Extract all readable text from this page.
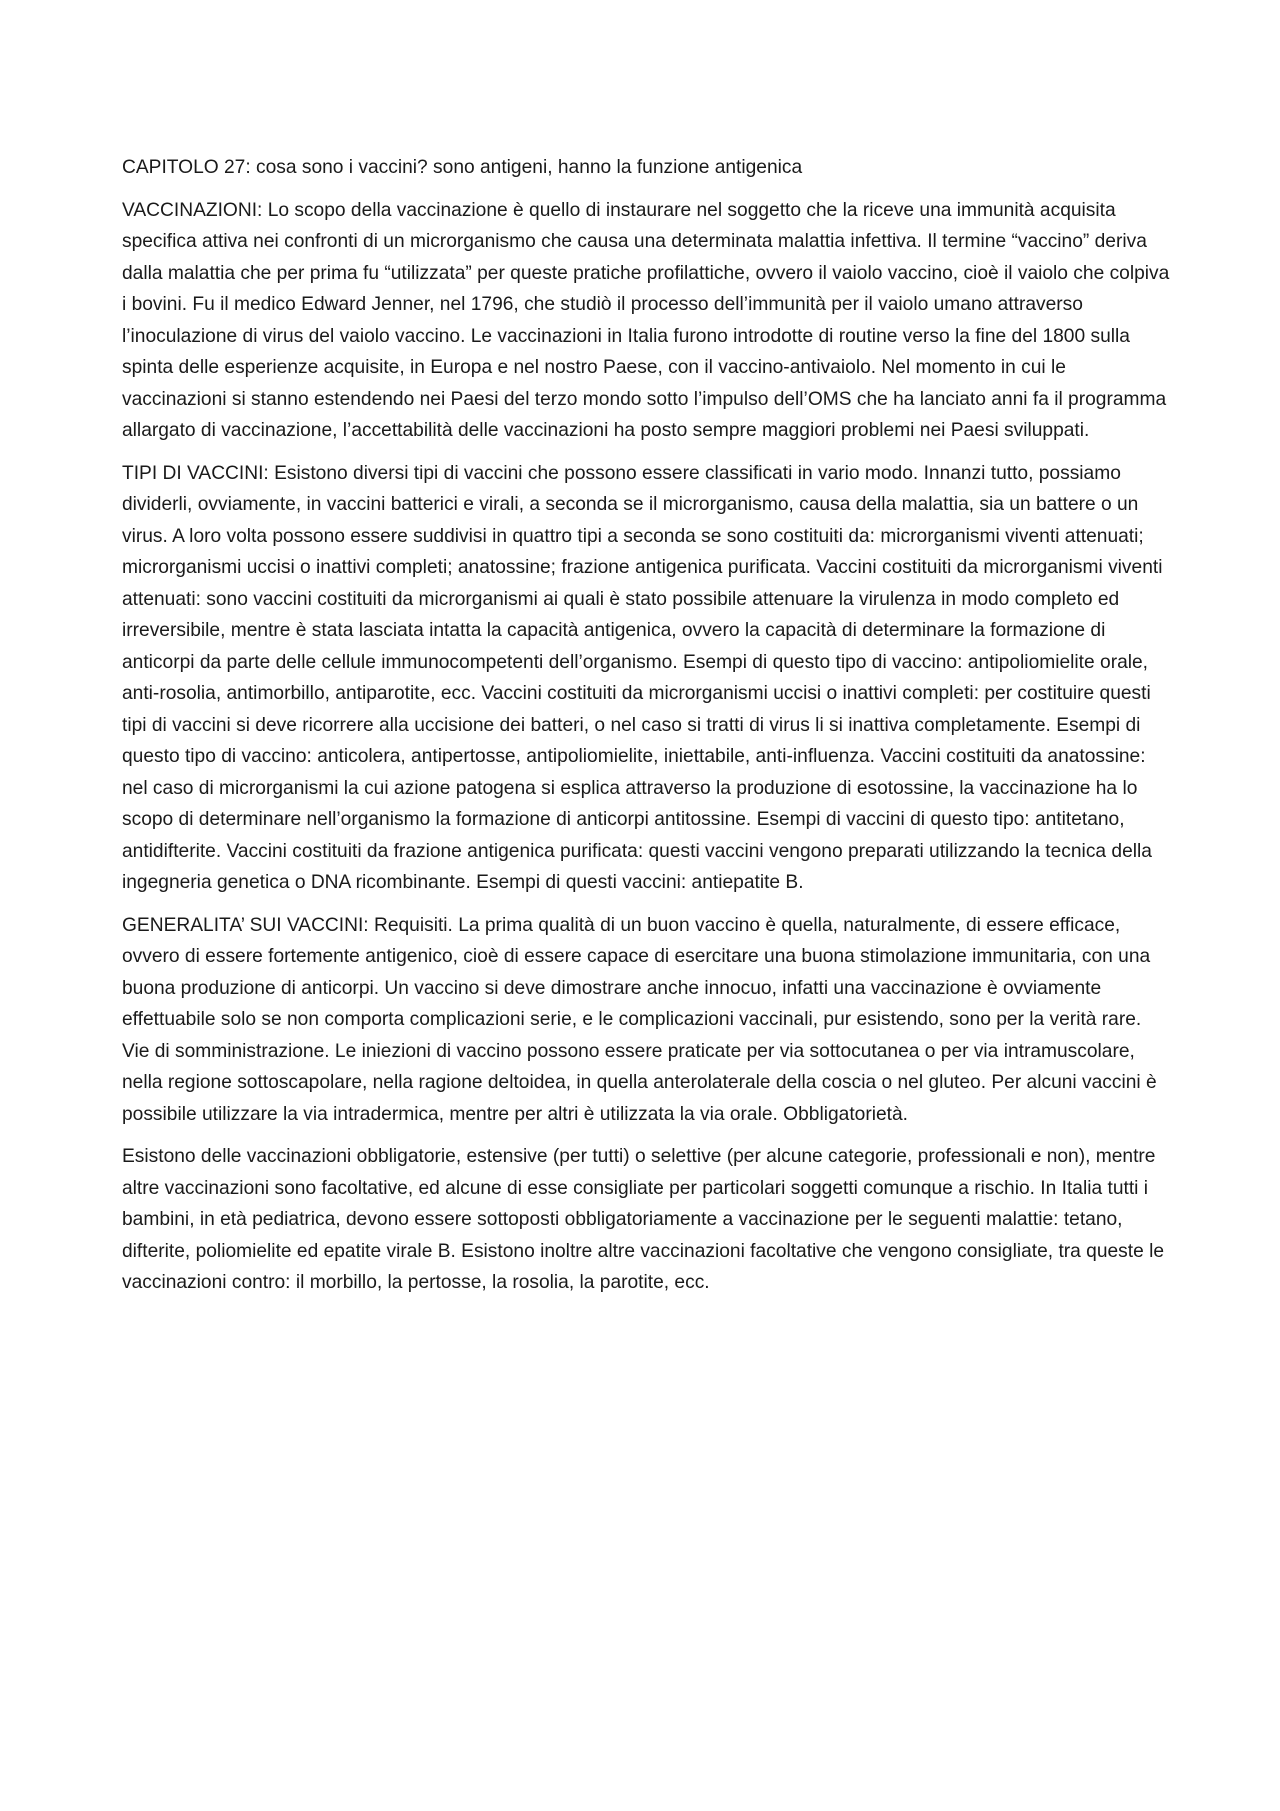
CAPITOLO 27: cosa sono i vaccini? sono antigeni, hanno la funzione antigenica

VACCINAZIONI: Lo scopo della vaccinazione è quello di instaurare nel soggetto che la riceve una immunità acquisita specifica attiva nei confronti di un microrganismo che causa una determinata malattia infettiva. Il termine “vaccino” deriva dalla malattia che per prima fu “utilizzata” per queste pratiche profilattiche, ovvero il vaiolo vaccino, cioè il vaiolo che colpiva i bovini. Fu il medico Edward Jenner, nel 1796, che studiò il processo dell’immunità per il vaiolo umano attraverso l’inoculazione di virus del vaiolo vaccino. Le vaccinazioni in Italia furono introdotte di routine verso la fine del 1800 sulla spinta delle esperienze acquisite, in Europa e nel nostro Paese, con il vaccino-antivaiolo. Nel momento in cui le vaccinazioni si stanno estendendo nei Paesi del terzo mondo sotto l’impulso dell’OMS che ha lanciato anni fa il programma allargato di vaccinazione, l’accettabilità delle vaccinazioni ha posto sempre maggiori problemi nei Paesi sviluppati.

TIPI DI VACCINI: Esistono diversi tipi di vaccini che possono essere classificati in vario modo. Innanzi tutto, possiamo dividerli, ovviamente, in vaccini batterici e virali, a seconda se il microrganismo, causa della malattia, sia un battere o un virus. A loro volta possono essere suddivisi in quattro tipi a seconda se sono costituiti da: microrganismi viventi attenuati; microrganismi uccisi o inattivi completi; anatossine; frazione antigenica purificata. Vaccini costituiti da microrganismi viventi attenuati: sono vaccini costituiti da microrganismi ai quali è stato possibile attenuare la virulenza in modo completo ed irreversibile, mentre è stata lasciata intatta la capacità antigenica, ovvero la capacità di determinare la formazione di anticorpi da parte delle cellule immunocompetenti dell’organismo. Esempi di questo tipo di vaccino: antipoliomielite orale, anti-rosolia, antimorbillo, antiparotite, ecc. Vaccini costituiti da microrganismi uccisi o inattivi completi: per costituire questi tipi di vaccini si deve ricorrere alla uccisione dei batteri, o nel caso si tratti di virus li si inattiva completamente. Esempi di questo tipo di vaccino: anticolera, antipertosse, antipoliomielite, iniettabile, anti-influenza. Vaccini costituiti da anatossine: nel caso di microrganismi la cui azione patogena si esplica attraverso la produzione di esotossine, la vaccinazione ha lo scopo di determinare nell’organismo la formazione di anticorpi antitossine. Esempi di vaccini di questo tipo: antitetano, antidifterite. Vaccini costituiti da frazione antigenica purificata: questi vaccini vengono preparati utilizzando la tecnica della ingegneria genetica o DNA ricombinante. Esempi di questi vaccini: antiepatite B.

GENERALITA’ SUI VACCINI: Requisiti. La prima qualità di un buon vaccino è quella, naturalmente, di essere efficace, ovvero di essere fortemente antigenico, cioè di essere capace di esercitare una buona stimolazione immunitaria, con una buona produzione di anticorpi. Un vaccino si deve dimostrare anche innocuo, infatti una vaccinazione è ovviamente effettuabile solo se non comporta complicazioni serie, e le complicazioni vaccinali, pur esistendo, sono per la verità rare. Vie di somministrazione. Le iniezioni di vaccino possono essere praticate per via sottocutanea o per via intramuscolare, nella regione sottoscapolare, nella ragione deltoidea, in quella anterolaterale della coscia o nel gluteo. Per alcuni vaccini è possibile utilizzare la via intradermica, mentre per altri è utilizzata la via orale. Obbligatorietà.

Esistono delle vaccinazioni obbligatorie, estensive (per tutti) o selettive (per alcune categorie, professionali e non), mentre altre vaccinazioni sono facoltative, ed alcune di esse consigliate per particolari soggetti comunque a rischio. In Italia tutti i bambini, in età pediatrica, devono essere sottoposti obbligatoriamente a vaccinazione per le seguenti malattie: tetano, difterite, poliomielite ed epatite virale B. Esistono inoltre altre vaccinazioni facoltative che vengono consigliate, tra queste le vaccinazioni contro: il morbillo, la pertosse, la rosolia, la parotite, ecc.
